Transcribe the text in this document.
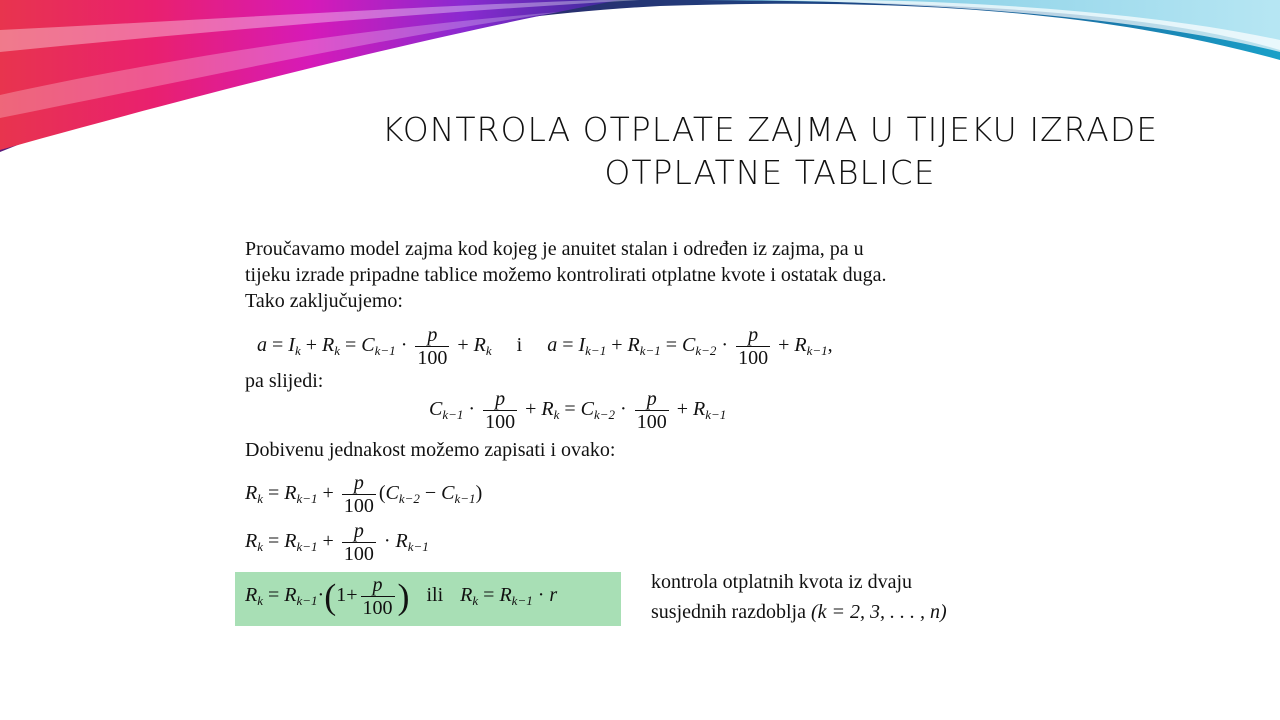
KONTROLA OTPLATE ZAJMA U TIJEKU IZRADE
OTPLATNE TABLICE
Proučavamo model zajma kod kojeg je anuitet stalan i određen iz zajma, pa u
tijeku izrade pripadne tablice možemo kontrolirati otplatne kvote i ostatak duga.
Tako zaključujemo:
$a = I_k + R_k = C_{k-1} \cdot \frac{p}{100} + R_k$ i $a = I_{k-1} + R_{k-1} = C_{k-2} \cdot \frac{p}{100} + R_{k-1}$,
pa slijedi:
$C_{k-1} \cdot \frac{p}{100} + R_k = C_{k-2} \cdot \frac{p}{100} + R_{k-1}$
Dobivenu jednakost možemo zapisati i ovako:
$R_k = R_{k-1} + \frac{p}{100} (C_{k-2} - C_{k-1})$
$R_k = R_{k-1} + \frac{p}{100} \cdot R_{k-1}$
$R_k = R_{k-1}\cdot(1+ \frac{p}{100}$ ) ili $R_k = R_{k-1} \cdot r$
kontrola otplatnih kvota iz dvaju
susjednih razdoblja (k = 2, 3, . . . , n)
